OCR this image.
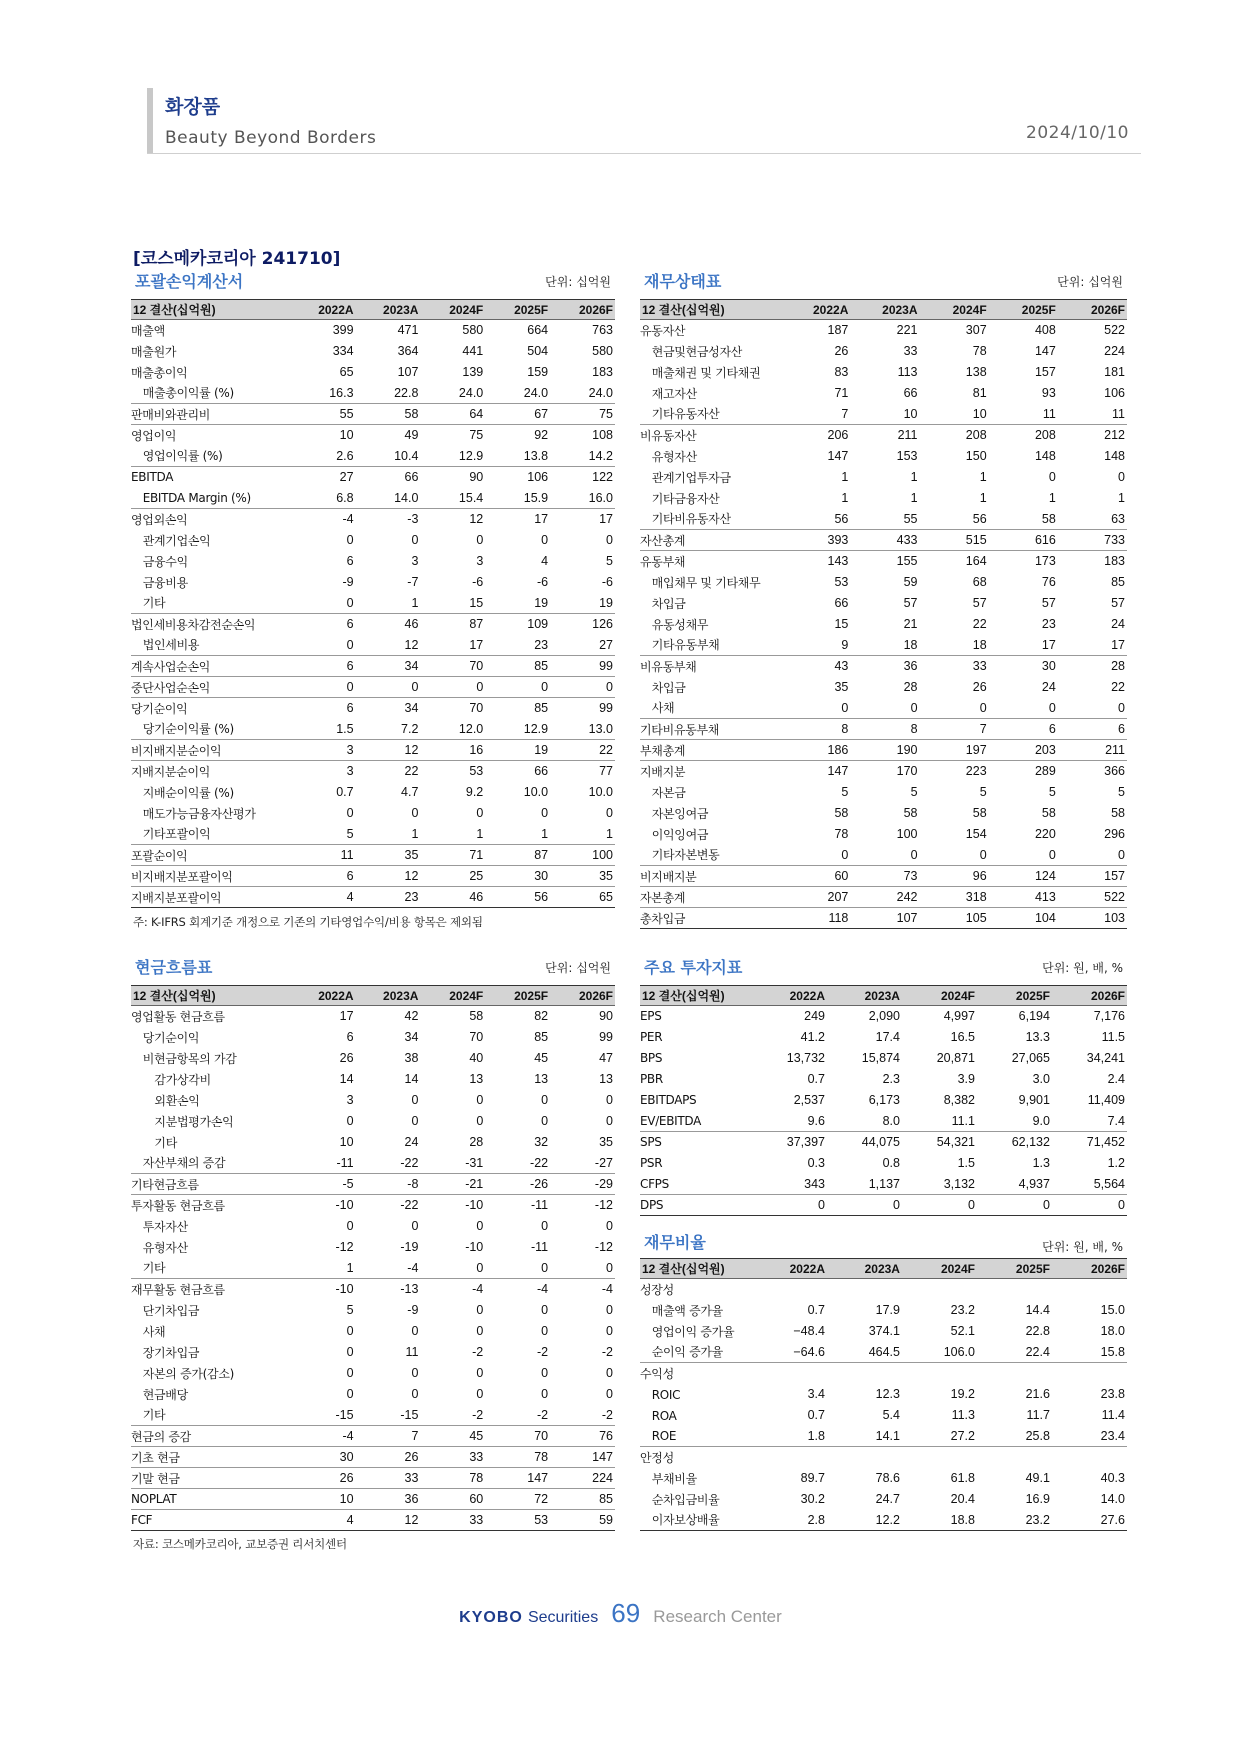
화장품
Beauty Beyond Borders	2024/10/10
[코스메카코리아 241710]
포괄손익계산서	단위: 십억원
12 결산(십억원)	2022A	2023A	2024F	2025F	2026F
매출액	399	471	580	664	763
매출원가	334	364	441	504	580
매출총이익	65	107	139	159	183
　매출총이익률 (%)	16.3	22.8	24.0	24.0	24.0
판매비와관리비	55	58	64	67	75
영업이익	10	49	75	92	108
　영업이익률 (%)	2.6	10.4	12.9	13.8	14.2
EBITDA	27	66	90	106	122
　EBITDA Margin (%)	6.8	14.0	15.4	15.9	16.0
영업외손익	-4	-3	12	17	17
　관계기업손익	0	0	0	0	0
　금융수익	6	3	3	4	5
　금융비용	-9	-7	-6	-6	-6
　기타	0	1	15	19	19
법인세비용차감전순손익	6	46	87	109	126
　법인세비용	0	12	17	23	27
계속사업순손익	6	34	70	85	99
중단사업순손익	0	0	0	0	0
당기순이익	6	34	70	85	99
　당기순이익률 (%)	1.5	7.2	12.0	12.9	13.0
비지배지분순이익	3	12	16	19	22
지배지분순이익	3	22	53	66	77
　지배순이익률 (%)	0.7	4.7	9.2	10.0	10.0
　매도가능금융자산평가	0	0	0	0	0
　기타포괄이익	5	1	1	1	1
포괄순이익	11	35	71	87	100
비지배지분포괄이익	6	12	25	30	35
지배지분포괄이익	4	23	46	56	65
주: K-IFRS 회계기준 개정으로 기존의 기타영업수익/비용 항목은 제외됨
재무상태표	단위: 십억원
12 결산(십억원)	2022A	2023A	2024F	2025F	2026F
유동자산	187	221	307	408	522
　현금및현금성자산	26	33	78	147	224
　매출채권 및 기타채권	83	113	138	157	181
　재고자산	71	66	81	93	106
　기타유동자산	7	10	10	11	11
비유동자산	206	211	208	208	212
　유형자산	147	153	150	148	148
　관계기업투자금	1	1	1	0	0
　기타금융자산	1	1	1	1	1
　기타비유동자산	56	55	56	58	63
자산총계	393	433	515	616	733
유동부채	143	155	164	173	183
　매입채무 및 기타채무	53	59	68	76	85
　차입금	66	57	57	57	57
　유동성채무	15	21	22	23	24
　기타유동부채	9	18	18	17	17
비유동부채	43	36	33	30	28
　차입금	35	28	26	24	22
　사채	0	0	0	0	0
기타비유동부채	8	8	7	6	6
부채총계	186	190	197	203	211
지배지분	147	170	223	289	366
　자본금	5	5	5	5	5
　자본잉여금	58	58	58	58	58
　이익잉여금	78	100	154	220	296
　기타자본변동	0	0	0	0	0
비지배지분	60	73	96	124	157
자본총계	207	242	318	413	522
총차입금	118	107	105	104	103
현금흐름표	단위: 십억원
12 결산(십억원)	2022A	2023A	2024F	2025F	2026F
영업활동 현금흐름	17	42	58	82	90
　당기순이익	6	34	70	85	99
　비현금항목의 가감	26	38	40	45	47
　　감가상각비	14	14	13	13	13
　　외환손익	3	0	0	0	0
　　지분법평가손익	0	0	0	0	0
　　기타	10	24	28	32	35
　자산부채의 증감	-11	-22	-31	-22	-27
기타현금흐름	-5	-8	-21	-26	-29
투자활동 현금흐름	-10	-22	-10	-11	-12
　투자자산	0	0	0	0	0
　유형자산	-12	-19	-10	-11	-12
　기타	1	-4	0	0	0
재무활동 현금흐름	-10	-13	-4	-4	-4
　단기차입금	5	-9	0	0	0
　사채	0	0	0	0	0
　장기차입금	0	11	-2	-2	-2
　자본의 증가(감소)	0	0	0	0	0
　현금배당	0	0	0	0	0
　기타	-15	-15	-2	-2	-2
현금의 증감	-4	7	45	70	76
기초 현금	30	26	33	78	147
기말 현금	26	33	78	147	224
NOPLAT	10	36	60	72	85
FCF	4	12	33	53	59
자료: 코스메카코리아, 교보증권 리서치센터
주요 투자지표	단위: 원, 배, %
12 결산(십억원)	2022A	2023A	2024F	2025F	2026F
EPS	249	2,090	4,997	6,194	7,176
PER	41.2	17.4	16.5	13.3	11.5
BPS	13,732	15,874	20,871	27,065	34,241
PBR	0.7	2.3	3.9	3.0	2.4
EBITDAPS	2,537	6,173	8,382	9,901	11,409
EV/EBITDA	9.6	8.0	11.1	9.0	7.4
SPS	37,397	44,075	54,321	62,132	71,452
PSR	0.3	0.8	1.5	1.3	1.2
CFPS	343	1,137	3,132	4,937	5,564
DPS	0	0	0	0	0
재무비율	단위: 원, 배, %
12 결산(십억원)	2022A	2023A	2024F	2025F	2026F
성장성					
　매출액 증가율	0.7	17.9	23.2	14.4	15.0
　영업이익 증가율	−48.4	374.1	52.1	22.8	18.0
　순이익 증가율	−64.6	464.5	106.0	22.4	15.8
수익성					
　ROIC	3.4	12.3	19.2	21.6	23.8
　ROA	0.7	5.4	11.3	11.7	11.4
　ROE	1.8	14.1	27.2	25.8	23.4
안정성					
　부채비율	89.7	78.6	61.8	49.1	40.3
　순차입금비율	30.2	24.7	20.4	16.9	14.0
　이자보상배율	2.8	12.2	18.8	23.2	27.6
KYOBO Securities 69 Research Center
